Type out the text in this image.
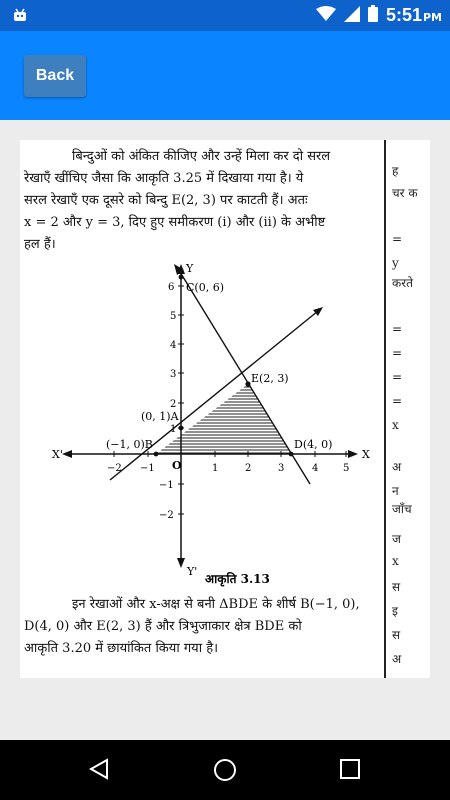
5:51PM
Back
बिन्दुओं को अंकित कीजिए और उन्हें मिला कर दो सरल
रेखाएँ खींचिए जैसा कि आकृति 3.25 में दिखाया गया है। ये
सरल रेखाएँ एक दूसरे को बिन्दु E(2, 3) पर काटती हैं। अतः
x = 2 और y = 3, दिए हुए समीकरण (i) और (ii) के अभीष्ट
हल हैं।
Y
X
X'
Y'
O
−2 −1	1	2	3	4 5
−2
−1
1
2
3
4
5
6 C(0, 6)
E(2, 3)
(0, 1)A
(−1, 0)B	D(4, 0)
आकृति 3.13
इन रेखाओं और x-अक्ष से बनी ΔBDE के शीर्ष B(−1, 0),
D(4, 0) और E(2, 3) हैं और त्रिभुजाकार क्षेत्र BDE को
आकृति 3.20 में छायांकित किया गया है।
ह
चर क
=
y
करते
=
=
=
=
x
अ
न
जाँच
ज
x
स
इ
स
अ
